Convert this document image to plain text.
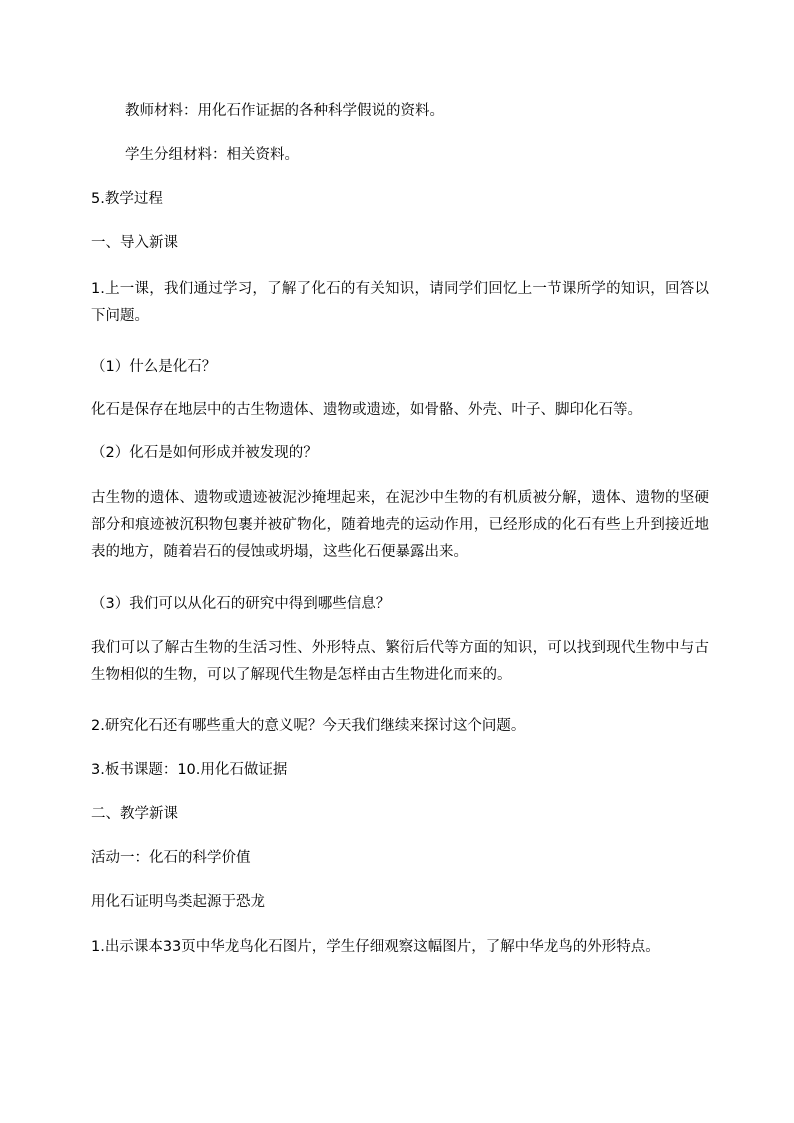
教师材料：用化石作证据的各种科学假说的资料。
学生分组材料：相关资料。
5.教学过程
一、导入新课
1.上一课，我们通过学习，了解了化石的有关知识，请同学们回忆上一节课所学的知识，回答以下问题。
（1）什么是化石？
化石是保存在地层中的古生物遗体、遗物或遗迹，如骨骼、外壳、叶子、脚印化石等。
（2）化石是如何形成并被发现的？
古生物的遗体、遗物或遗迹被泥沙掩埋起来，在泥沙中生物的有机质被分解，遗体、遗物的坚硬部分和痕迹被沉积物包裹并被矿物化，随着地壳的运动作用，已经形成的化石有些上升到接近地表的地方，随着岩石的侵蚀或坍塌，这些化石便暴露出来。
（3）我们可以从化石的研究中得到哪些信息？
我们可以了解古生物的生活习性、外形特点、繁衍后代等方面的知识，可以找到现代生物中与古生物相似的生物，可以了解现代生物是怎样由古生物进化而来的。
2.研究化石还有哪些重大的意义呢？今天我们继续来探讨这个问题。
3.板书课题：10.用化石做证据
二、教学新课
活动一：化石的科学价值
用化石证明鸟类起源于恐龙
1.出示课本33页中华龙鸟化石图片，学生仔细观察这幅图片，了解中华龙鸟的外形特点。
